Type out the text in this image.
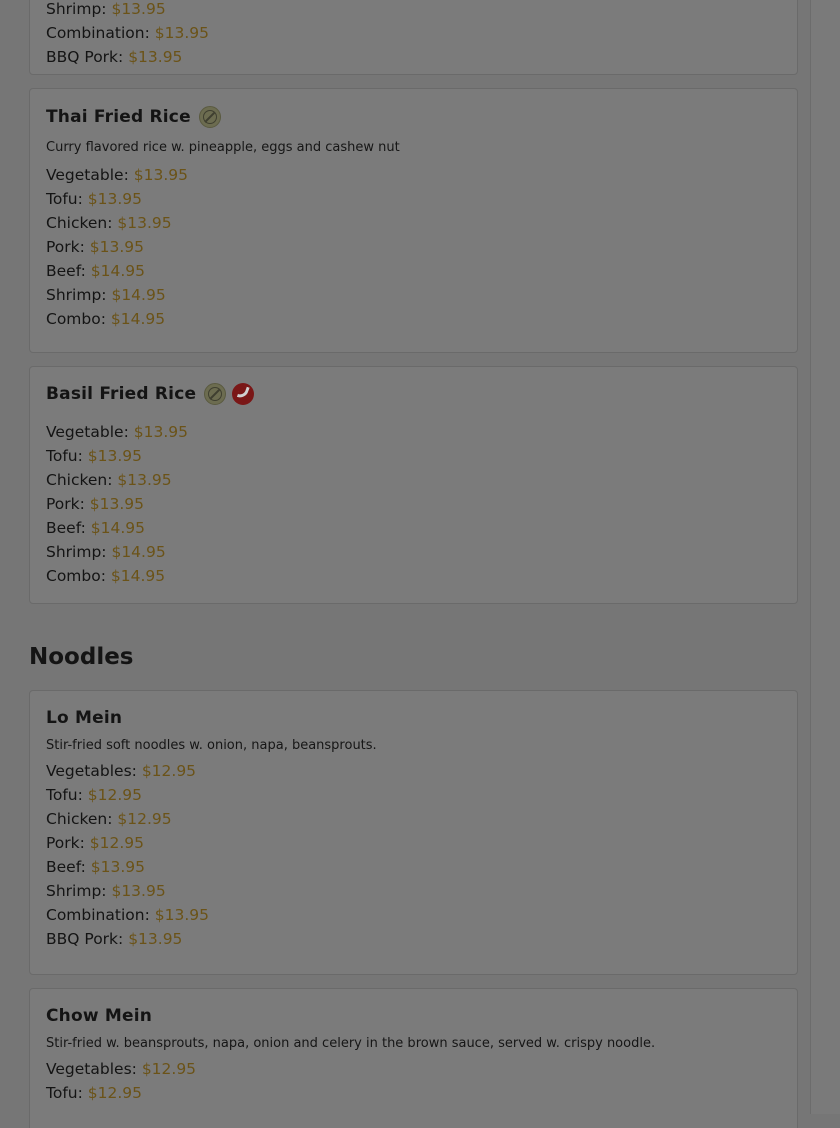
Shrimp: $13.95
Combination: $13.95
BBQ Pork: $13.95
Thai Fried Rice
Curry flavored rice w. pineapple, eggs and cashew nut
Vegetable: $13.95
Tofu: $13.95
Chicken: $13.95
Pork: $13.95
Beef: $14.95
Shrimp: $14.95
Combo: $14.95
Basil Fried Rice
Vegetable: $13.95
Tofu: $13.95
Chicken: $13.95
Pork: $13.95
Beef: $14.95
Shrimp: $14.95
Combo: $14.95
Noodles
Lo Mein
Stir-fried soft noodles w. onion, napa, beansprouts.
Vegetables: $12.95
Tofu: $12.95
Chicken: $12.95
Pork: $12.95
Beef: $13.95
Shrimp: $13.95
Combination: $13.95
BBQ Pork: $13.95
Chow Mein
Stir-fried w. beansprouts, napa, onion and celery in the brown sauce, served w. crispy noodle.
Vegetables: $12.95
Tofu: $12.95
